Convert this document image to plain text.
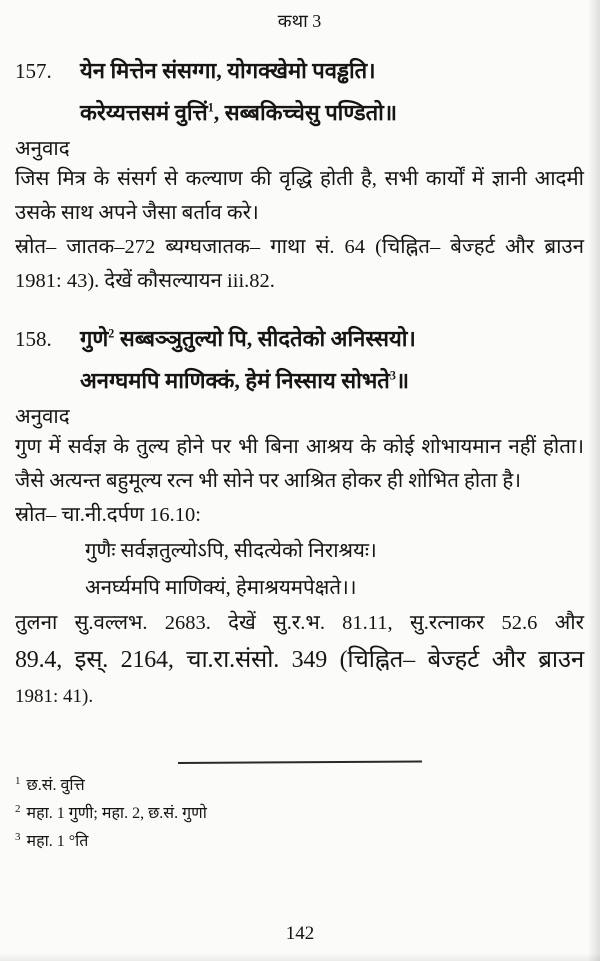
कथा 3
157.	येन मित्तेन संसग्गा, योगक्खेमो पवड्ढति।
करेय्यत्तसमं वुत्तिं$^1$, सब्बकिच्चेसु पण्डितो॥
अनुवाद
जिस मित्र के संसर्ग से कल्याण की वृद्धि होती है, सभी कार्यों में ज्ञानी आदमी उसके साथ अपने जैसा बर्ताव करे।
स्रोत– जातक–272 ब्यग्घजातक– गाथा सं. 64 (चिह्नित– बेज्हर्ट और ब्राउन 1981: 43). देखें कौसल्यायन iii.82.
158.	गुणे$^2$ सब्बञ्ञुतुल्यो पि, सीदतेको अनिस्सयो।
अनग्घमपि माणिक्कं, हेमं निस्साय सोभते$^3$॥
अनुवाद
गुण में सर्वज्ञ के तुल्य होने पर भी बिना आश्रय के कोई शोभायमान नहीं होता। जैसे अत्यन्त बहुमूल्य रत्न भी सोने पर आश्रित होकर ही शोभित होता है।
स्रोत– चा.नी.दर्पण 16.10:
गुणैः सर्वज्ञतुल्योऽपि, सीदत्येको निराश्रयः।
अनर्घ्यमपि माणिक्यं, हेमाश्रयमपेक्षते।।
तुलना सु.वल्लभ. 2683. देखें सु.र.भ. 81.11, सु.रत्नाकर 52.6 और
89.4, इस्. 2164, चा.रा.संसो. 349 (चिह्नित– बेज्हर्ट और ब्राउन
1981: 41).
$^1$ छ.सं. वुत्ति
$^2$ महा. 1 गुणी; महा. 2, छ.सं. गुणो
$^3$ महा. 1 °ति
142
